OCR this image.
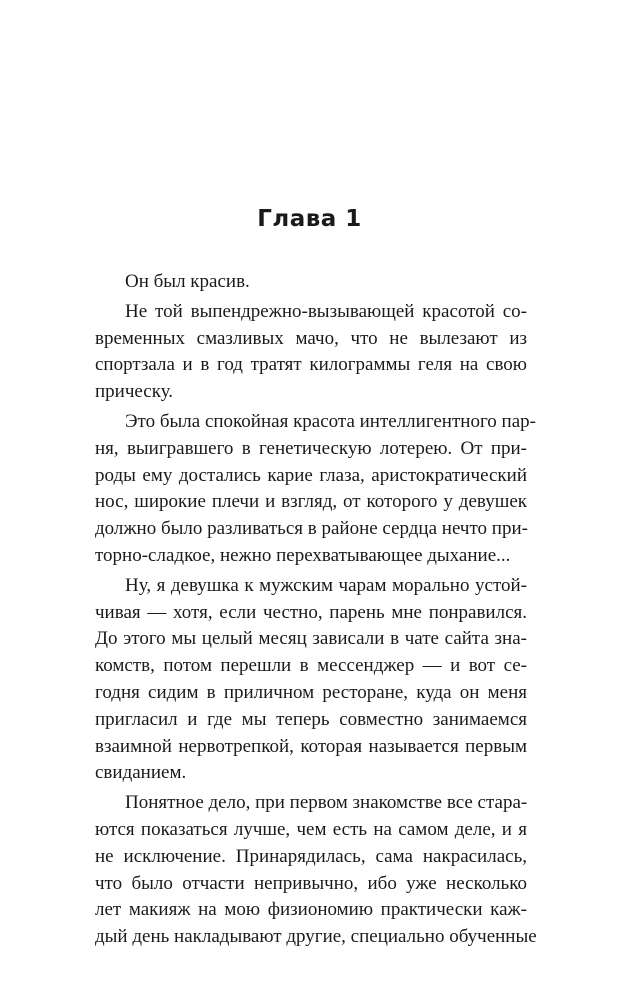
Глава 1

Он был красив.

Не той выпендрежно-вызывающей красотой со-
временных смазливых мачо, что не вылезают из
спортзала и в год тратят килограммы геля на свою
прическу.

Это была спокойная красота интеллигентного пар-
ня, выигравшего в генетическую лотерею. От при-
роды ему достались карие глаза, аристократический
нос, широкие плечи и взгляд, от которого у девушек
должно было разливаться в районе сердца нечто при-
торно-сладкое, нежно перехватывающее дыхание...

Ну, я девушка к мужским чарам морально устой-
чивая — хотя, если честно, парень мне понравился.
До этого мы целый месяц зависали в чате сайта зна-
комств, потом перешли в мессенджер — и вот се-
годня сидим в приличном ресторане, куда он меня
пригласил и где мы теперь совместно занимаемся
взаимной нервотрепкой, которая называется первым
свиданием.

Понятное дело, при первом знакомстве все стара-
ются показаться лучше, чем есть на самом деле, и я
не исключение. Принарядилась, сама накрасилась,
что было отчасти непривычно, ибо уже несколько
лет макияж на мою физиономию практически каж-
дый день накладывают другие, специально обученные
